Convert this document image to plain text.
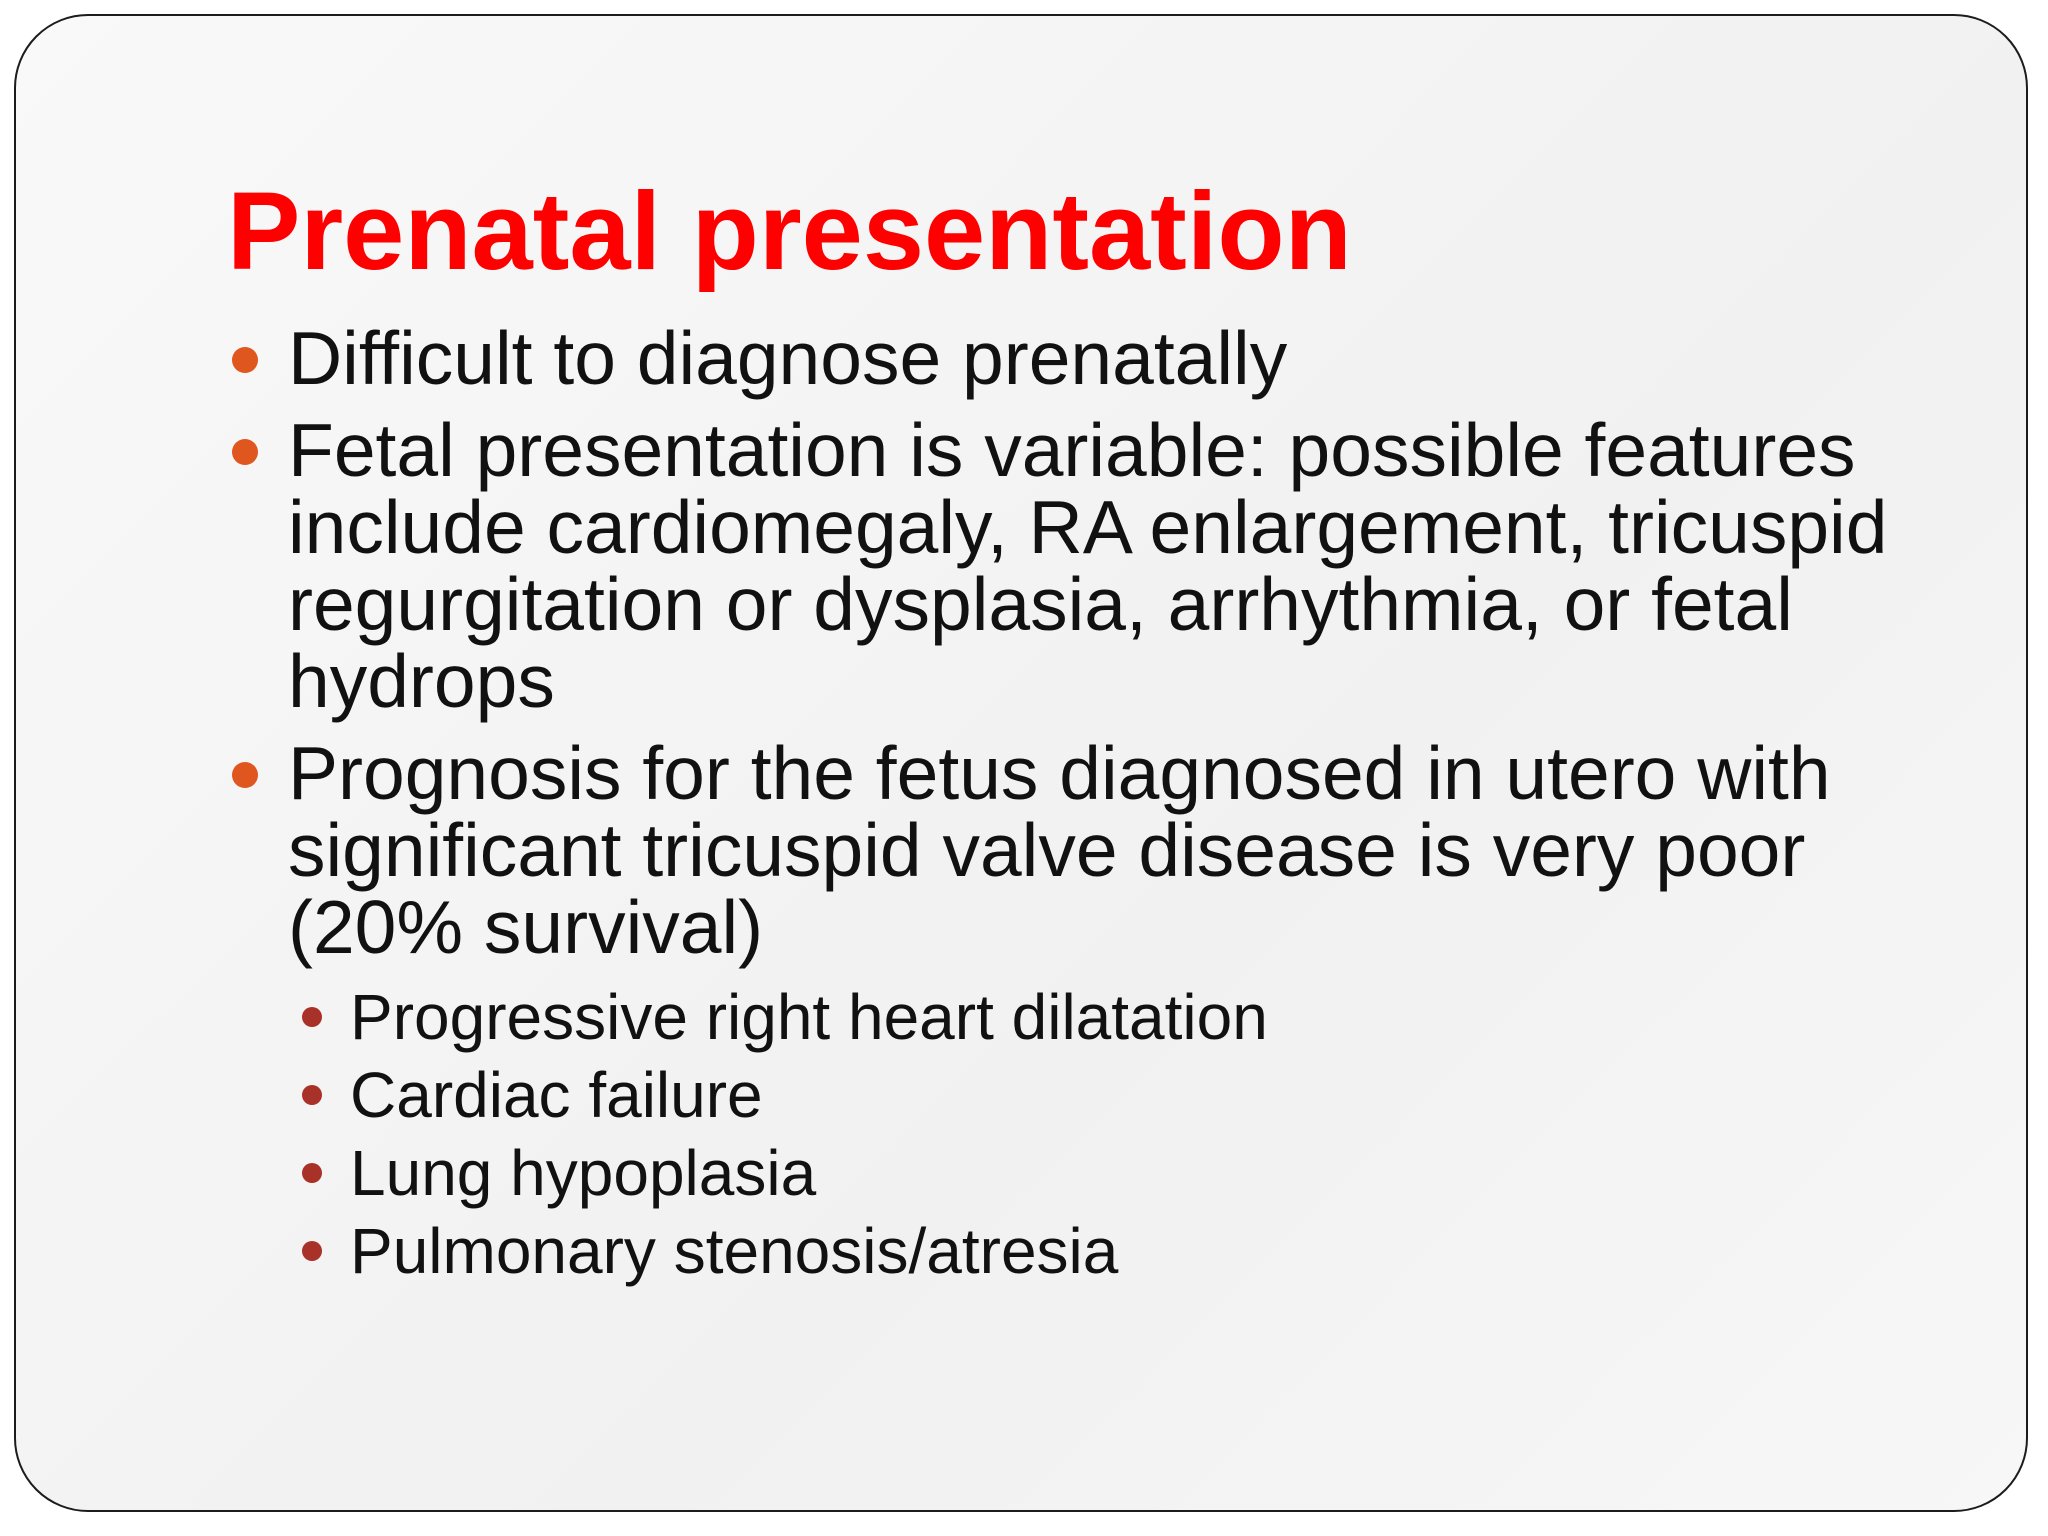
Prenatal presentation
Difficult to diagnose prenatally
Fetal presentation is variable: possible features include cardiomegaly, RA enlargement, tricuspid regurgitation or dysplasia, arrhythmia, or fetal hydrops
Prognosis for the fetus diagnosed in utero with significant tricuspid valve disease is very poor (20% survival)
Progressive right heart dilatation
Cardiac failure
Lung hypoplasia
Pulmonary stenosis/atresia
